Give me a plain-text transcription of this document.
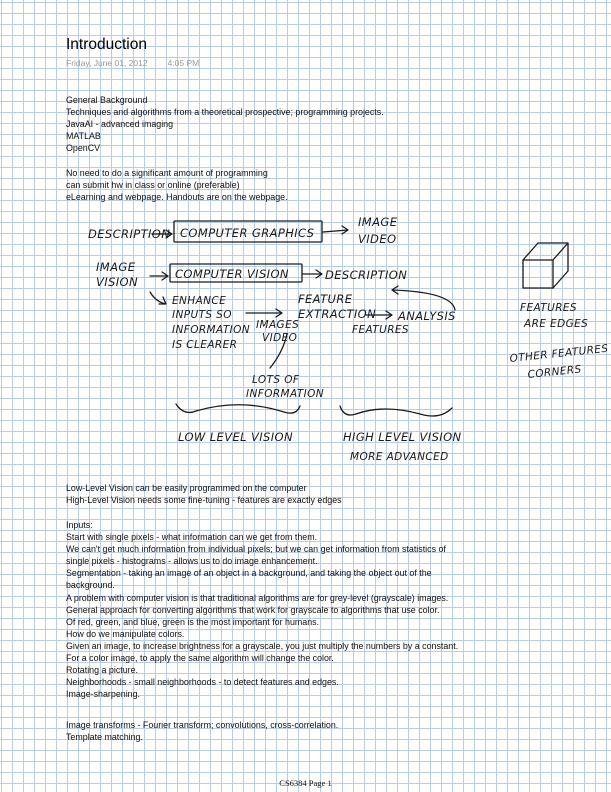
Introduction
Friday, June 01, 2012 4:05 PM
General Background
Techniques and algorithms from a theoretical prospective; programming projects.
JavaAI - advanced imaging
MATLAB
OpenCV
No need to do a significant amount of programming
can submit hw in class or online (preferable)
eLearning and webpage. Handouts are on the webpage.
DESCRIPTION COMPUTER GRAPHICS
IMAGE
VIDEO
IMAGE
VISION
COMPUTER VISION	DESCRIPTION
ENHANCE
INPUTS SO
INFORMATION
IS CLEARER
IMAGES
VIDEO
FEATURE
EXTRACTION ANALYSIS
FEATURES
LOTS OF
INFORMATION
LOW LEVEL VISION	HIGH LEVEL VISION
MORE ADVANCED
FEATURES
ARE EDGES
OTHER FEATURES
CORNERS
Low-Level Vision can be easily programmed on the computer
High-Level Vision needs some fine-tuning - features are exactly edges
Inputs:
Start with single pixels - what information can we get from them.
We can't get much information from individual pixels; but we can get information from statistics of
single pixels - histograms - allows us to do image enhancement.
Segmentation - taking an image of an object in a background, and taking the object out of the
background.
A problem with computer vision is that traditional algorithms are for grey-level (grayscale) images.
General approach for converting algorithms that work for grayscale to algorithms that use color.
Of red, green, and blue, green is the most important for humans.
How do we manipulate colors.
Given an image, to increase brightness for a grayscale, you just multiply the numbers by a constant.
For a color image, to apply the same algorithm will change the color.
Rotating a picture.
Neighborhoods - small neighborhoods - to detect features and edges.
Image-sharpening.
Image transforms - Fourier transform; convolutions, cross-correlation.
Template matching.
CS6384 Page 1
